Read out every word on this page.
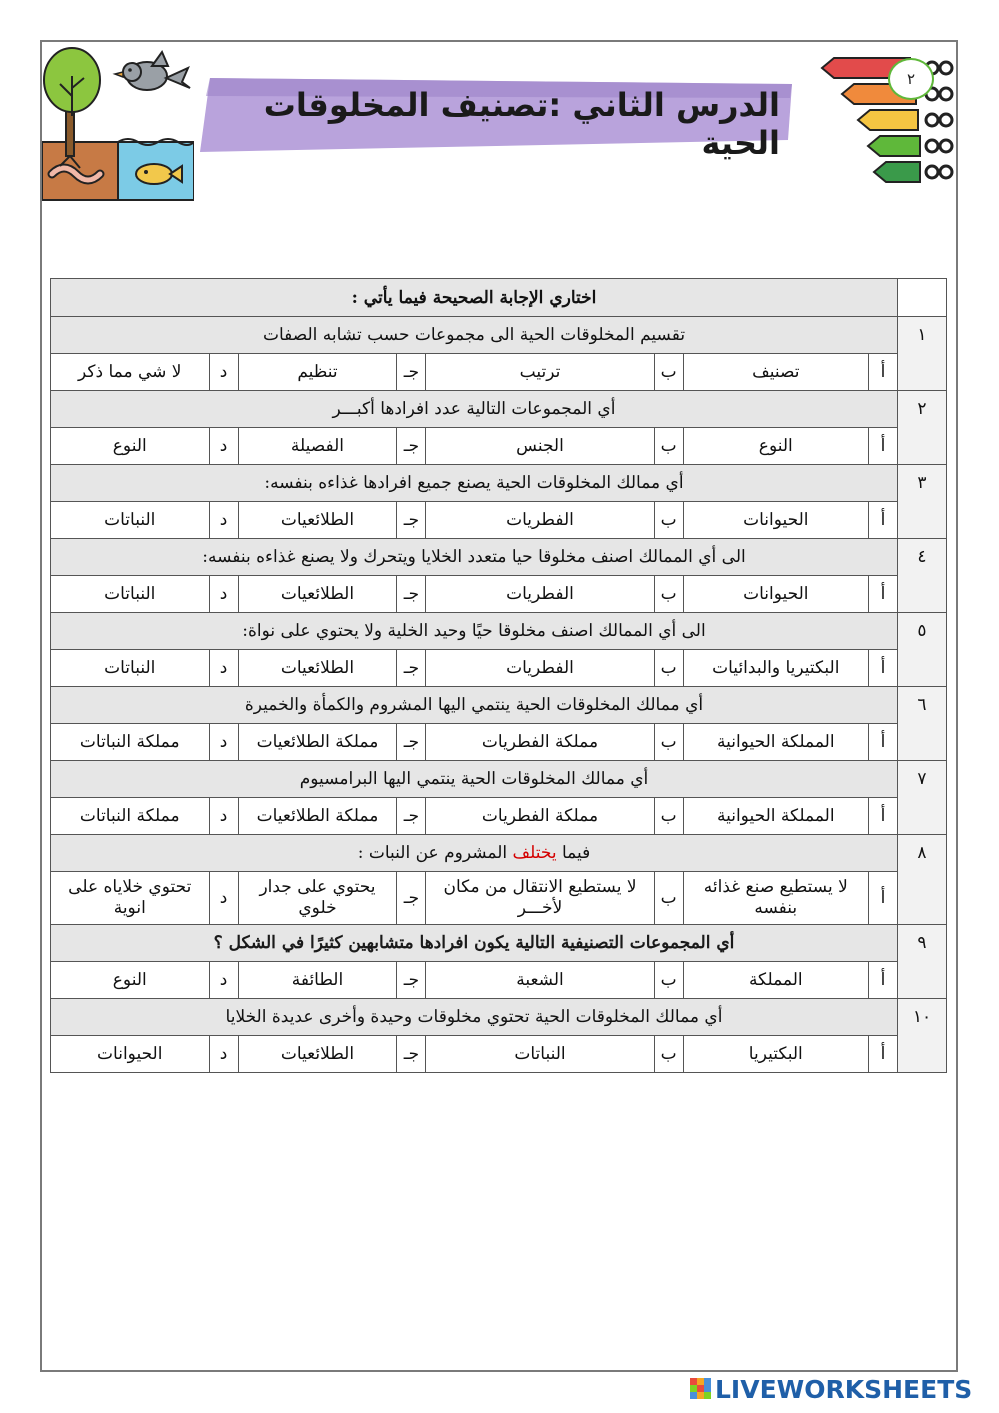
الدرس الثاني :تصنيف المخلوقات الحية
٢
	اختاري الإجابة الصحيحة فيما يأتي :							
١	تقسيم المخلوقات الحية الى مجموعات حسب تشابه الصفات							
	أ	تصنيف	ب	ترتيب	جـ	تنظيم	د	لا شي مما ذكر
٢	أي المجموعات التالية عدد افرادها أكبـــر							
	أ	النوع	ب	الجنس	جـ	الفصيلة	د	النوع
٣	أي ممالك المخلوقات الحية يصنع جميع افرادها غذاءه بنفسه:							
	أ	الحيوانات	ب	الفطريات	جـ	الطلائعيات	د	النباتات
٤	الى أي الممالك اصنف مخلوقا حيا متعدد الخلايا ويتحرك ولا يصنع غذاءه بنفسه:							
	أ	الحيوانات	ب	الفطريات	جـ	الطلائعيات	د	النباتات
٥	الى أي الممالك اصنف مخلوقا حيًا وحيد الخلية ولا يحتوي على نواة:							
	أ	البكتيريا والبدائيات	ب	الفطريات	جـ	الطلائعيات	د	النباتات
٦	أي ممالك المخلوقات الحية ينتمي اليها المشروم والكمأة والخميرة							
	أ	المملكة الحيوانية	ب	مملكة الفطريات	جـ	مملكة الطلائعيات	د	مملكة النباتات
٧	أي ممالك المخلوقات الحية ينتمي اليها البرامسيوم							
	أ	المملكة الحيوانية	ب	مملكة الفطريات	جـ	مملكة الطلائعيات	د	مملكة النباتات
٨	فيما يختلف المشروم عن النبات :							
	أ	لا يستطيع صنع غذائه بنفسه	ب	لا يستطيع الانتقال من مكان لأخـــر	جـ	يحتوي على جدار خلوي	د	تحتوي خلاياه على انوية
٩	أي المجموعات التصنيفية التالية يكون افرادها متشابهين كثيرًا في الشكل ؟							
	أ	المملكة	ب	الشعبة	جـ	الطائفة	د	النوع
١٠	أي ممالك المخلوقات الحية تحتوي مخلوقات وحيدة وأخرى عديدة الخلايا							
	أ	البكتيريا	ب	النباتات	جـ	الطلائعيات	د	الحيوانات
LIVEWORKSHEETS
